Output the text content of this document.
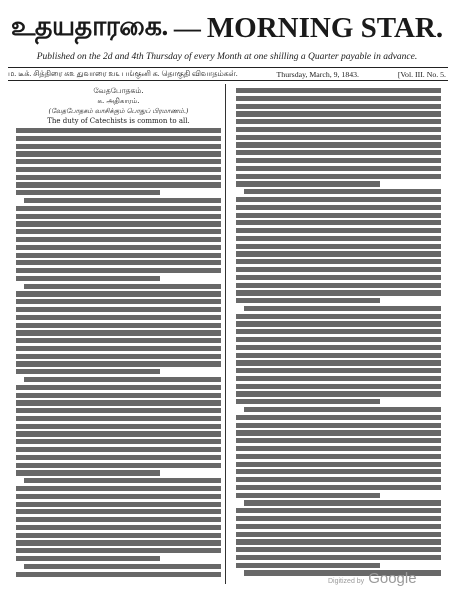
உதயதாரகை. — MORNING STAR.
Published on the 2d and 4th Thursday of every Month at one shilling a Quarter payable in advance.
ம. டீக். சித்திரை சு௨ துவாரை ௨௩ பங்குனி க. தொகுதி விவாதம்கள்.	Thursday, March, 9, 1843.	[Vol. III. No. 5.
வேதபோதகம்.
க. அதிகாரம்.
(வேதபோதகம் வாசிக்கும் பொதுப் பிரமாணம்.)
The duty of Catechists is common to all.
Digitized by Google
